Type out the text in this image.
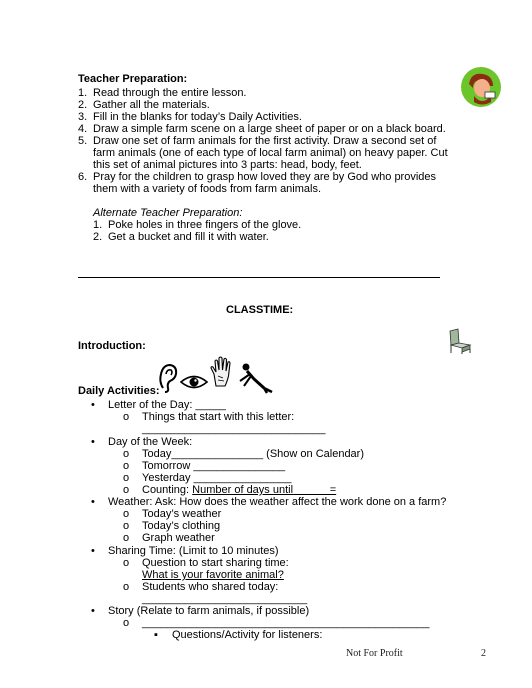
Teacher Preparation:
1. Read through the entire lesson.
2. Gather all the materials.
3. Fill in the blanks for today’s Daily Activities.
4. Draw a simple farm scene on a large sheet of paper or on a black board.
5. Draw one set of farm animals for the first activity. Draw a second set of
farm animals (one of each type of local farm animal) on heavy paper. Cut
this set of animal pictures into 3 parts: head, body, feet.
6. Pray for the children to grasp how loved they are by God who provides
them with a variety of foods from farm animals.
Alternate Teacher Preparation:
1. Poke holes in three fingers of the glove.
2. Get a bucket and fill it with water.
CLASSTIME:
Introduction:
Daily Activities:
• Letter of the Day: _____
o Things that start with this letter:
______________________________
• Day of the Week:
o Today_______________ (Show on Calendar)
o Tomorrow _______________
o Yesterday ________________
o Counting: Number of days until            =
• Weather: Ask: How does the weather affect the work done on a farm?
o Today’s weather
o Today’s clothing
o Graph weather
• Sharing Time: (Limit to 10 minutes)
o Question to start sharing time:
What is your favorite animal?
o Students who shared today:
___________________________
• Story (Relate to farm animals, if possible)
o _______________________________________________
▪ Questions/Activity for listeners:
Not For Profit	2
